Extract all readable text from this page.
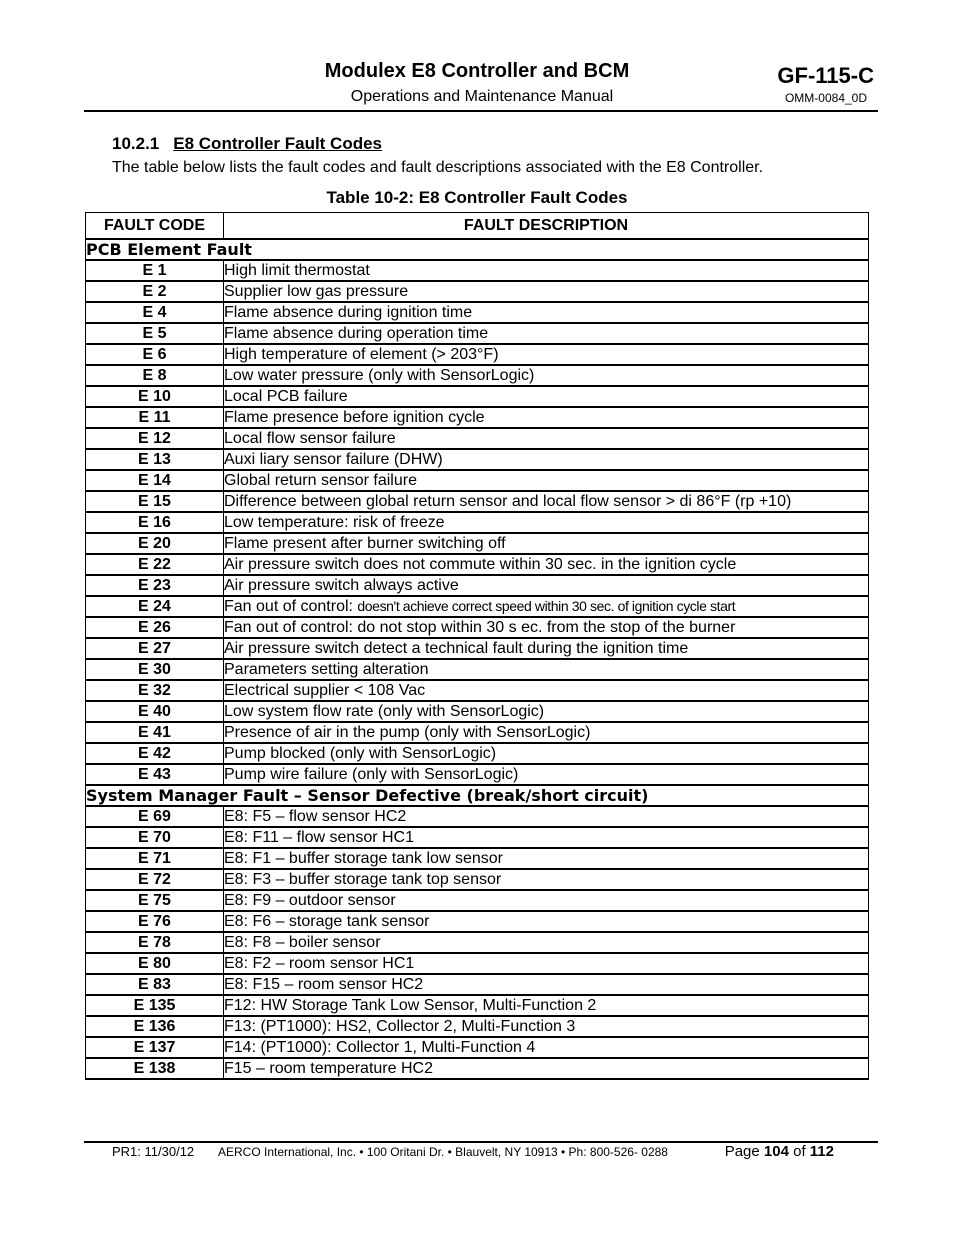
Modulex E8 Controller and BCM
Operations and Maintenance Manual
GF-115-C
OMM-0084_0D
10.2.1 E8 Controller Fault Codes
The table below lists the fault codes and fault descriptions associated with the E8 Controller.
Table 10-2: E8 Controller Fault Codes
FAULT CODE	FAULT DESCRIPTION
PCB Element Fault	
E 1	High limit thermostat
E 2	Supplier low gas pressure
E 4	Flame absence during ignition time
E 5	Flame absence during operation time
E 6	High temperature of element (> 203°F)
E 8	Low water pressure (only with SensorLogic)
E 10	Local PCB failure
E 11	Flame presence before ignition cycle
E 12	Local flow sensor failure
E 13	Auxi liary sensor failure (DHW)
E 14	Global return sensor failure
E 15	Difference between global return sensor and local flow sensor > di 86°F (rp +10)
E 16	Low temperature: risk of freeze
E 20	Flame present after burner switching off
E 22	Air pressure switch does not commute within 30 sec. in the ignition cycle
E 23	Air pressure switch always active
E 24	Fan out of control: doesn't achieve correct speed within 30 sec. of ignition cycle start
E 26	Fan out of control: do not stop within 30 s ec. from the stop of the burner
E 27	Air pressure switch detect a technical fault during the ignition time
E 30	Parameters setting alteration
E 32	Electrical supplier < 108 Vac
E 40	Low system flow rate (only with SensorLogic)
E 41	Presence of air in the pump (only with SensorLogic)
E 42	Pump blocked (only with SensorLogic)
E 43	Pump wire failure (only with SensorLogic)
System Manager Fault – Sensor Defective (break/short circuit)	
E 69	E8: F5 – flow sensor HC2
E 70	E8: F11 – flow sensor HC1
E 71	E8: F1 – buffer storage tank low sensor
E 72	E8: F3 – buffer storage tank top sensor
E 75	E8: F9 – outdoor sensor
E 76	E8: F6 – storage tank sensor
E 78	E8: F8 – boiler sensor
E 80	E8: F2 – room sensor HC1
E 83	E8: F15 – room sensor HC2
E 135	F12: HW Storage Tank Low Sensor, Multi-Function 2
E 136	F13: (PT1000): HS2, Collector 2, Multi-Function 3
E 137	F14: (PT1000): Collector 1, Multi-Function 4
E 138	F15 – room temperature HC2
PR1: 11/30/12 AERCO International, Inc. • 100 Oritani Dr. • Blauvelt, NY 10913 • Ph: 800-526- 0288	Page 104 of 112
